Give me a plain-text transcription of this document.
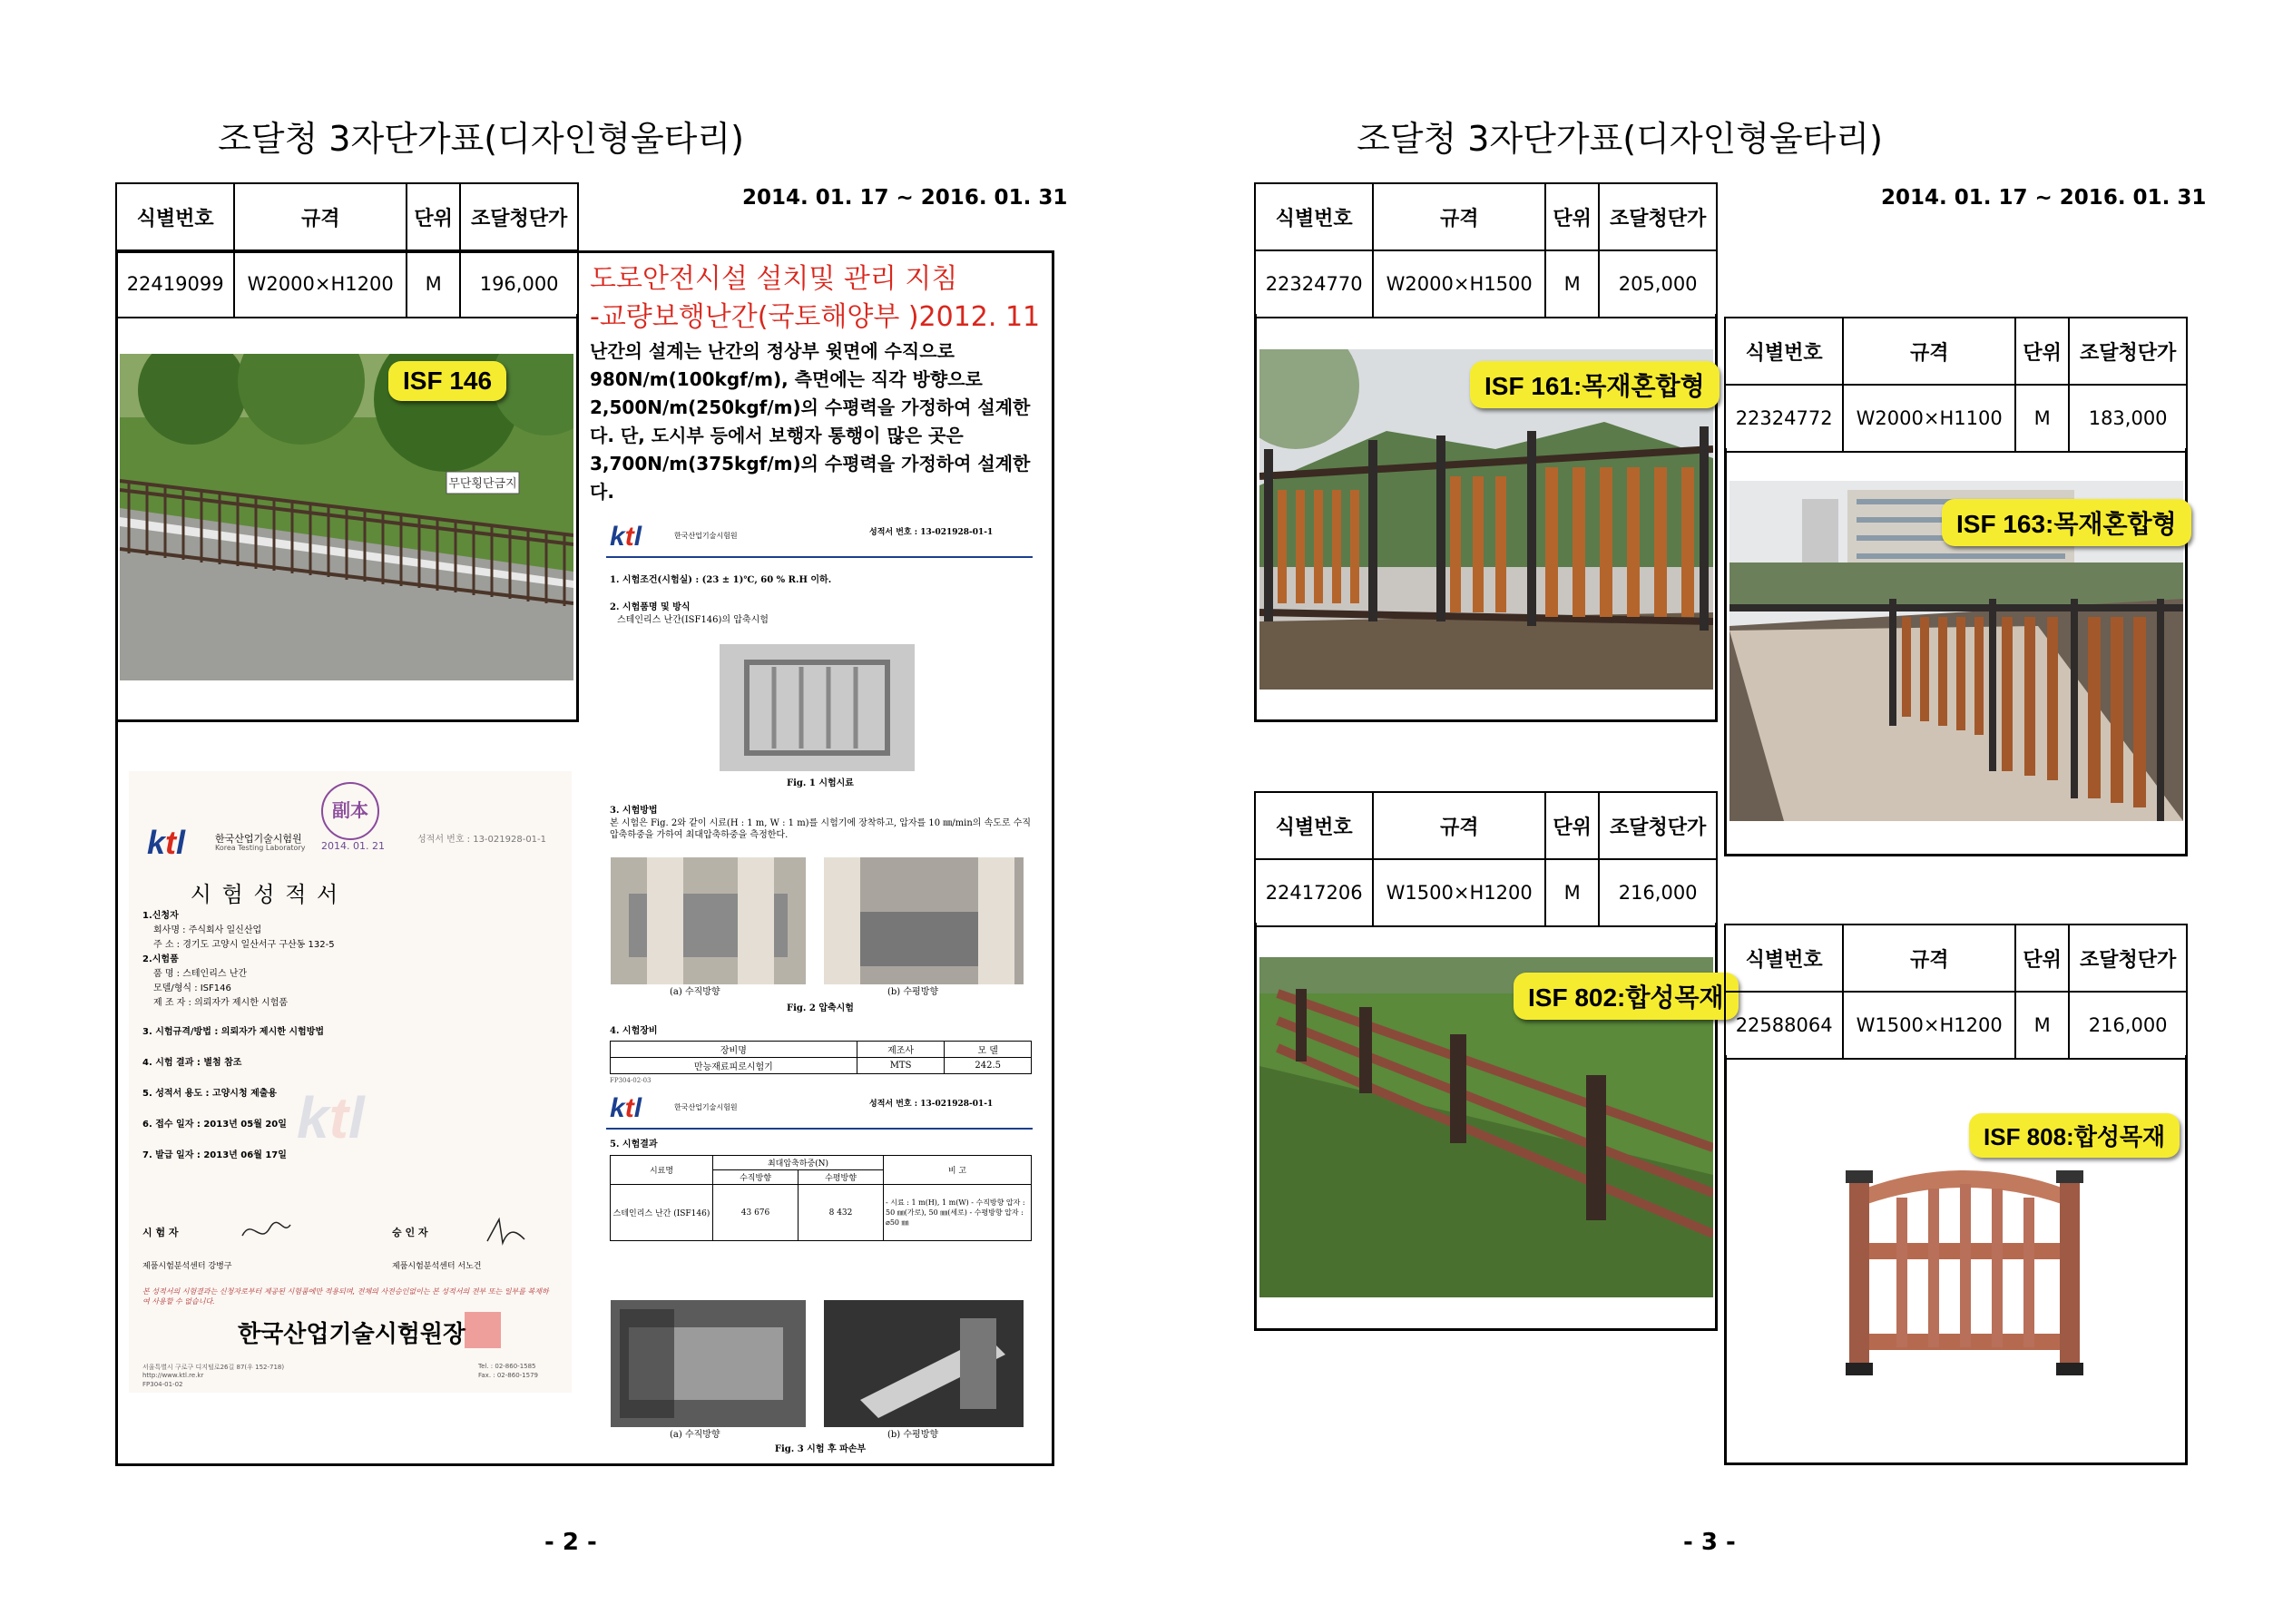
조달청 3자단가표(디자인형울타리)
2014. 01. 17 ~ 2016. 01. 31
식별번호	규격	단위	조달청단가
22419099	W2000×H1200	M	196,000
무단횡단금지
ISF 146
도로안전시설 설치및 관리 지침
-교량보행난간(국토해양부 )2012. 11
난간의 설계는 난간의 정상부 윗면에 수직으로 980N/m(100kgf/m), 측면에는 직각 방향으로 2,500N/m(250kgf/m)의 수평력을 가정하여 설계한다. 단, 도시부 등에서 보행자 통행이 많은 곳은 3,700N/m(375kgf/m)의 수평력을 가정하여 설계한다.
ktl	한국산업기술시험원
Korea Testing Laboratory
副本
2014. 01. 21
성적서 번호 : 13-021928-01-1
시 험 성 적 서
1.신청자
회사명 : 주식회사 일신산업
주 소 : 경기도 고양시 일산서구 구산동 132-5
2.시험품
품 명 : 스테인리스 난간
모델/형식 : ISF146
제 조 자 : 의뢰자가 제시한 시험품
3. 시험규격/방법 : 의뢰자가 제시한 시험방법
4. 시험 결과 : 별첨 참조
5. 성적서 용도 : 고양시청 제출용
6. 접수 일자 : 2013년 05월 20일
7. 발급 일자 : 2013년 06월 17일
ktl
시 험 자	승 인 자
제품시험분석센터 강병구	제품시험분석센터 서노건
본 성적서의 시험결과는 신청자로부터 제공된 시험품에만 적용되며, 전체의 사전승인없이는 본 성적서의 전부 또는 일부를 복제하여 사용할 수 없습니다.
한국산업기술시험원장
서울특별시 구로구 디지털로26길 87(우 152-718)
http://www.ktl.re.kr
FP304-01-02
Tel. : 02-860-1585
Fax. : 02-860-1579
ktl	한국산업기술시험원	성적서 번호 : 13-021928-01-1
1. 시험조건(시험실) : (23 ± 1)℃, 60 % R.H 이하.
2. 시험품명 및 방식
스테인리스 난간(ISF146)의 압축시험
Fig. 1 시험시료
3. 시험방법
본 시험은 Fig. 2와 같이 시료(H : 1 m, W : 1 m)를 시험기에 장착하고, 압자를 10 ㎜/min의 속도로 수직압축하중을 가하여 최대압축하중을 측정한다.
(a) 수직방향	(b) 수평방향
Fig. 2 압축시험
4. 시험장비
장비명	제조사	모 델
만능재료피로시험기	MTS	242.5
FP304-02-03
ktl	한국산업기술시험원	성적서 번호 : 13-021928-01-1
5. 시험결과
시료명	최대압축하중(N)		비 고
	수직방향	수평방향	
스테인리스 난간 (ISF146)	43 676	8 432	- 시료 : 1 m(H), 1 m(W) - 수직방향 압자 : 50 ㎜(가로), 50 ㎜(세로) - 수평방향 압자 : ⌀50 ㎜
(a) 수직방향	(b) 수평방향
Fig. 3 시험 후 파손부
- 2 -
조달청 3자단가표(디자인형울타리)
2014. 01. 17 ~ 2016. 01. 31
식별번호	규격	단위	조달청단가
22324770	W2000×H1500	M	205,000
ISF 161:목재혼합형
식별번호	규격	단위	조달청단가
22324772	W2000×H1100	M	183,000
ISF 163:목재혼합형
식별번호	규격	단위	조달청단가
22417206	W1500×H1200	M	216,000
ISF 802:합성목재
식별번호	규격	단위	조달청단가
22588064	W1500×H1200	M	216,000
ISF 808:합성목재
- 3 -
